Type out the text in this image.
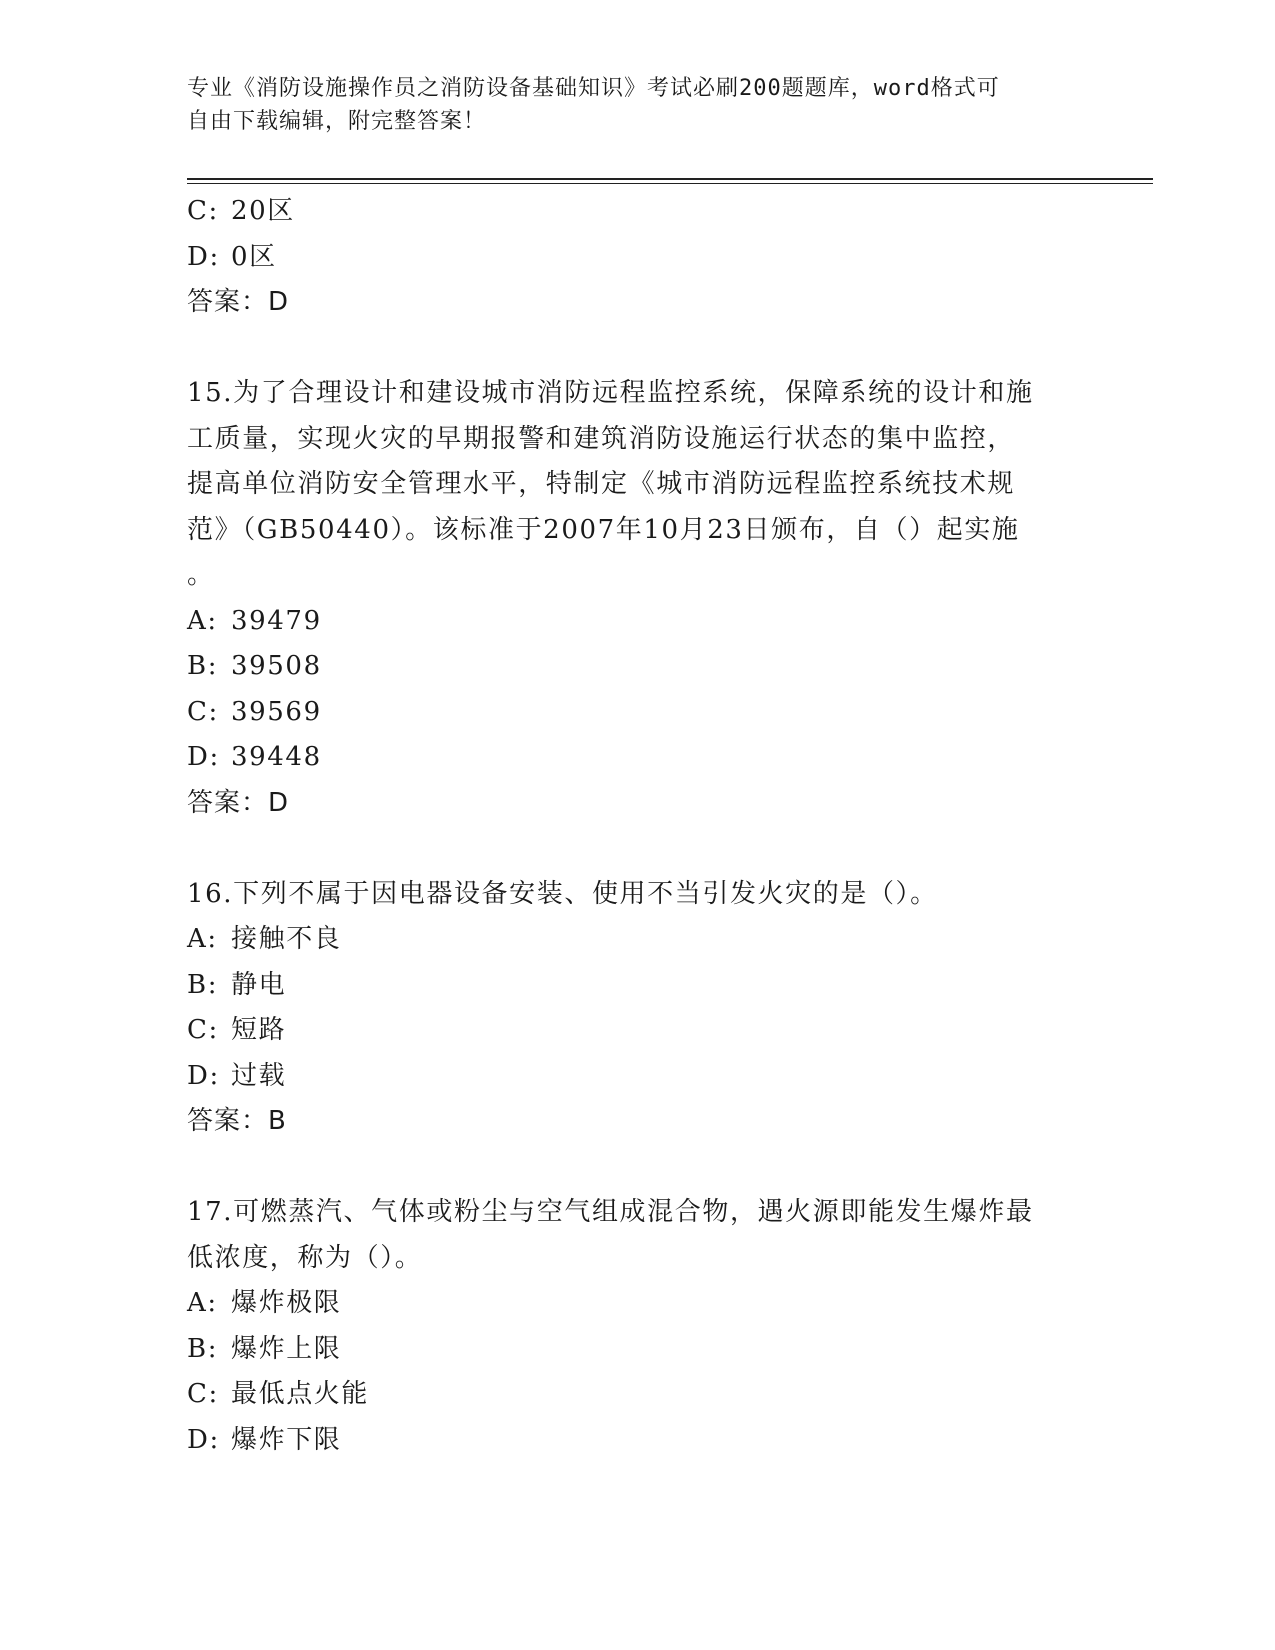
专业《消防设施操作员之消防设备基础知识》考试必刷200题题库，word格式可
自由下载编辑，附完整答案！
C: 20区
D: 0区
答案：D
15.为了合理设计和建设城市消防远程监控系统，保障系统的设计和施
工质量，实现火灾的早期报警和建筑消防设施运行状态的集中监控，
提高单位消防安全管理水平，特制定《城市消防远程监控系统技术规
范》（GB50440）。该标准于2007年10月23日颁布，自（）起实施
。
A: 39479
B: 39508
C: 39569
D: 39448
答案：D
16.下列不属于因电器设备安装、使用不当引发火灾的是（）。
A: 接触不良
B: 静电
C: 短路
D: 过载
答案：B
17.可燃蒸汽、气体或粉尘与空气组成混合物，遇火源即能发生爆炸最
低浓度，称为（）。
A: 爆炸极限
B: 爆炸上限
C: 最低点火能
D: 爆炸下限
